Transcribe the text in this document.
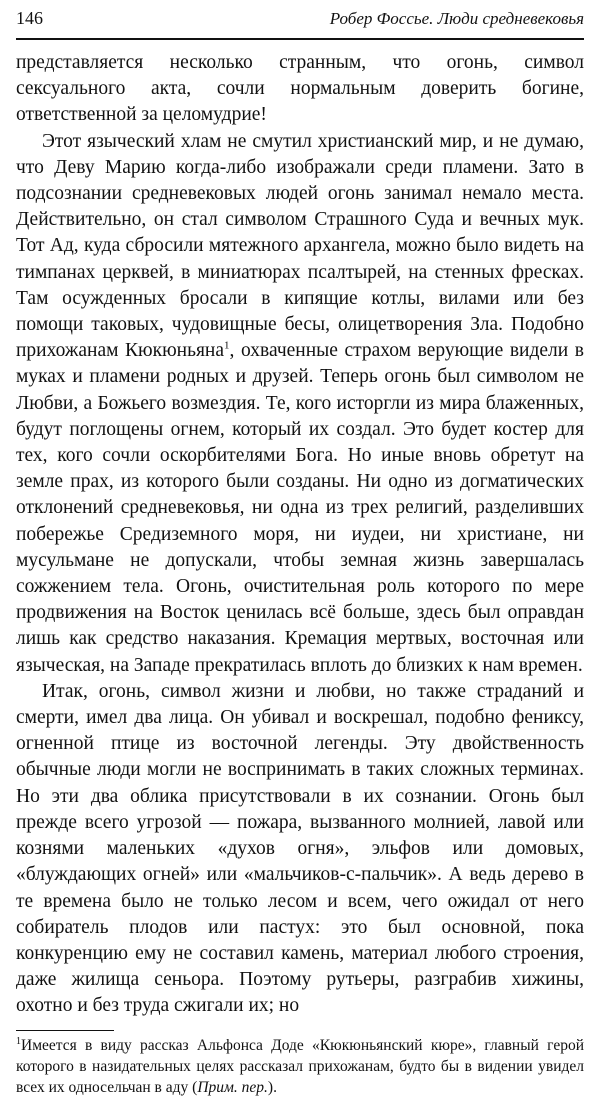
146	Робер Фоссье. Люди средневековья

представляется несколько странным, что огонь, символ сексуального акта, сочли нормальным доверить богине, ответственной за целомудрие!

Этот языческий хлам не смутил христианский мир, и не думаю, что Деву Марию когда-либо изображали среди пламени. Зато в подсознании средневековых людей огонь занимал немало места. Действительно, он стал символом Страшного Суда и вечных мук. Тот Ад, куда сбросили мятежного архангела, можно было видеть на тимпанах церквей, в миниатюрах псалтырей, на стенных фресках. Там осужденных бросали в кипящие котлы, вилами или без помощи таковых, чудовищные бесы, олицетворения Зла. Подобно прихожанам Кюкюньяна$^1$, охваченные страхом верующие видели в муках и пламени родных и друзей. Теперь огонь был символом не Любви, а Божьего возмездия. Те, кого исторгли из мира блаженных, будут поглощены огнем, который их создал. Это будет костер для тех, кого сочли оскорбителями Бога. Но иные вновь обретут на земле прах, из которого были созданы. Ни одно из догматических отклонений средневековья, ни одна из трех религий, разделивших побережье Средиземного моря, ни иудеи, ни христиане, ни мусульмане не допускали, чтобы земная жизнь завершалась сожжением тела. Огонь, очистительная роль которого по мере продвижения на Восток ценилась всё больше, здесь был оправдан лишь как средство наказания. Кремация мертвых, восточная или языческая, на Западе прекратилась вплоть до близких к нам времен.

Итак, огонь, символ жизни и любви, но также страданий и смерти, имел два лица. Он убивал и воскрешал, подобно фениксу, огненной птице из восточной легенды. Эту двойственность обычные люди могли не воспринимать в таких сложных терминах. Но эти два облика присутствовали в их сознании. Огонь был прежде всего угрозой — пожара, вызванного молнией, лавой или кознями маленьких «духов огня», эльфов или домовых, «блуждающих огней» или «мальчиков-с-пальчик». А ведь дерево в те времена было не только лесом и всем, чего ожидал от него собиратель плодов или пастух: это был основной, пока конкуренцию ему не составил камень, материал любого строения, даже жилища сеньора. Поэтому рутьеры, разграбив хижины, охотно и без труда сжигали их; но

$^1$Имеется в виду рассказ Альфонса Доде «Кюкюньянский кюре», главный герой которого в назидательных целях рассказал прихожанам, будто бы в видении увидел всех их односельчан в аду (Прим. пер.).
